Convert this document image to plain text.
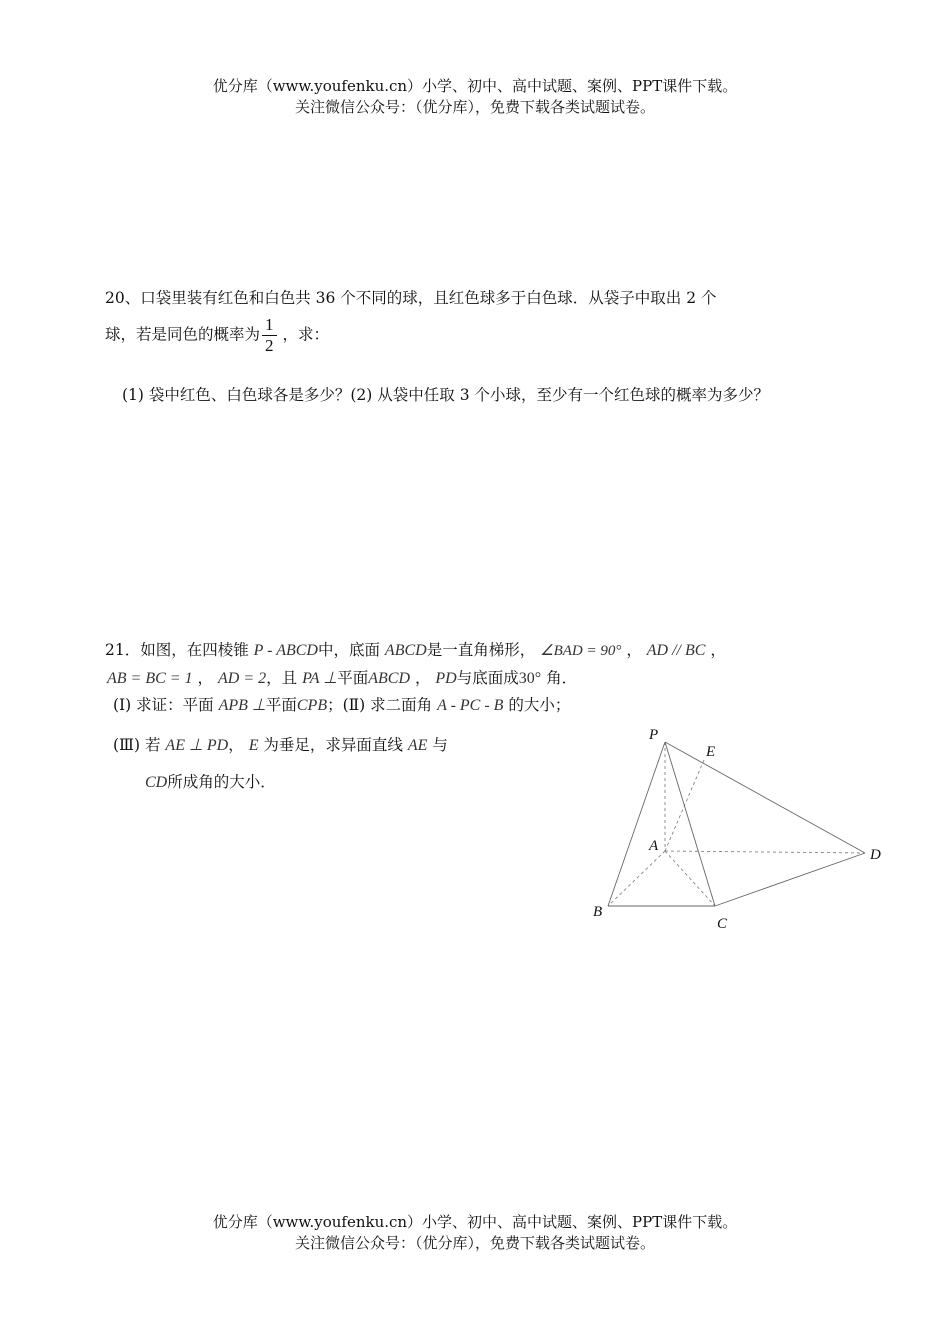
优分库（www.youfenku.cn）小学、初中、高中试题、案例、PPT课件下载。
关注微信公众号：（优分库），免费下载各类试题试卷。
20、口袋里装有红色和白色共 36 个不同的球，且红色球多于白色球．从袋子中取出 2 个
球，若是同色的概率为 $\frac{1}{2}$ ，求：
(1) 袋中红色、白色球各是多少？(2) 从袋中任取 3 个小球，至少有一个红色球的概率为多少？
21．如图，在四棱锥 P - ABCD中，底面 ABCD是一直角梯形， ∠BAD = 90° ， AD // BC ，
AB = BC = 1 ， AD = 2，且 PA ⊥平面ABCD ， PD与底面成30° 角．
(Ⅰ) 求证：平面 APB ⊥平面CPB；(Ⅱ) 求二面角 A - PC - B 的大小；
(Ⅲ) 若 AE ⊥ PD， E 为垂足，求异面直线 AE 与
CD所成角的大小．
P
E
A
D
B
C
优分库（www.youfenku.cn）小学、初中、高中试题、案例、PPT课件下载。
关注微信公众号：（优分库），免费下载各类试题试卷。
